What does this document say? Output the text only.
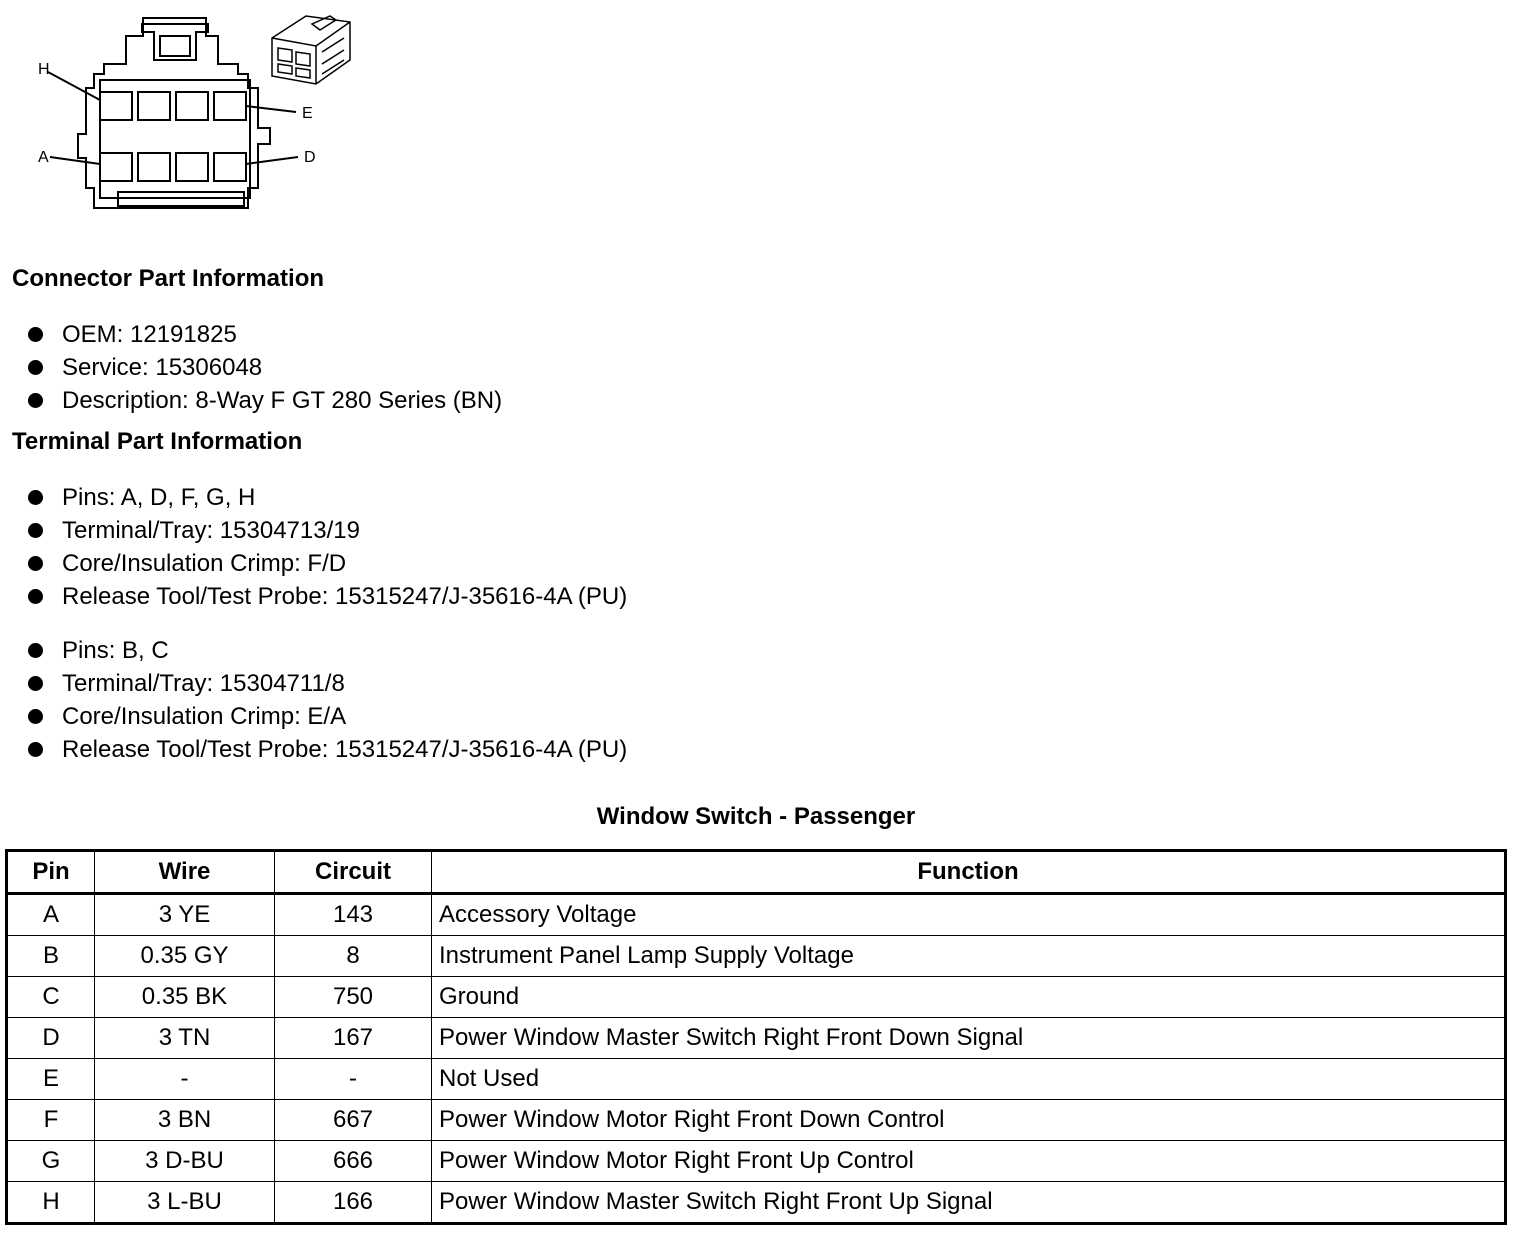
H
E
A	D
Connector Part Information
OEM: 12191825
Service: 15306048
Description: 8-Way F GT 280 Series (BN)
Terminal Part Information
Pins: A, D, F, G, H
Terminal/Tray: 15304713/19
Core/Insulation Crimp: F/D
Release Tool/Test Probe: 15315247/J-35616-4A (PU)
Pins: B, C
Terminal/Tray: 15304711/8
Core/Insulation Crimp: E/A
Release Tool/Test Probe: 15315247/J-35616-4A (PU)
Window Switch - Passenger
Pin	Wire	Circuit	Function
A	3 YE	143	Accessory Voltage
B	0.35 GY	8	Instrument Panel Lamp Supply Voltage
C	0.35 BK	750	Ground
D	3 TN	167	Power Window Master Switch Right Front Down Signal
E	-	-	Not Used
F	3 BN	667	Power Window Motor Right Front Down Control
G	3 D-BU	666	Power Window Motor Right Front Up Control
H	3 L-BU	166	Power Window Master Switch Right Front Up Signal
